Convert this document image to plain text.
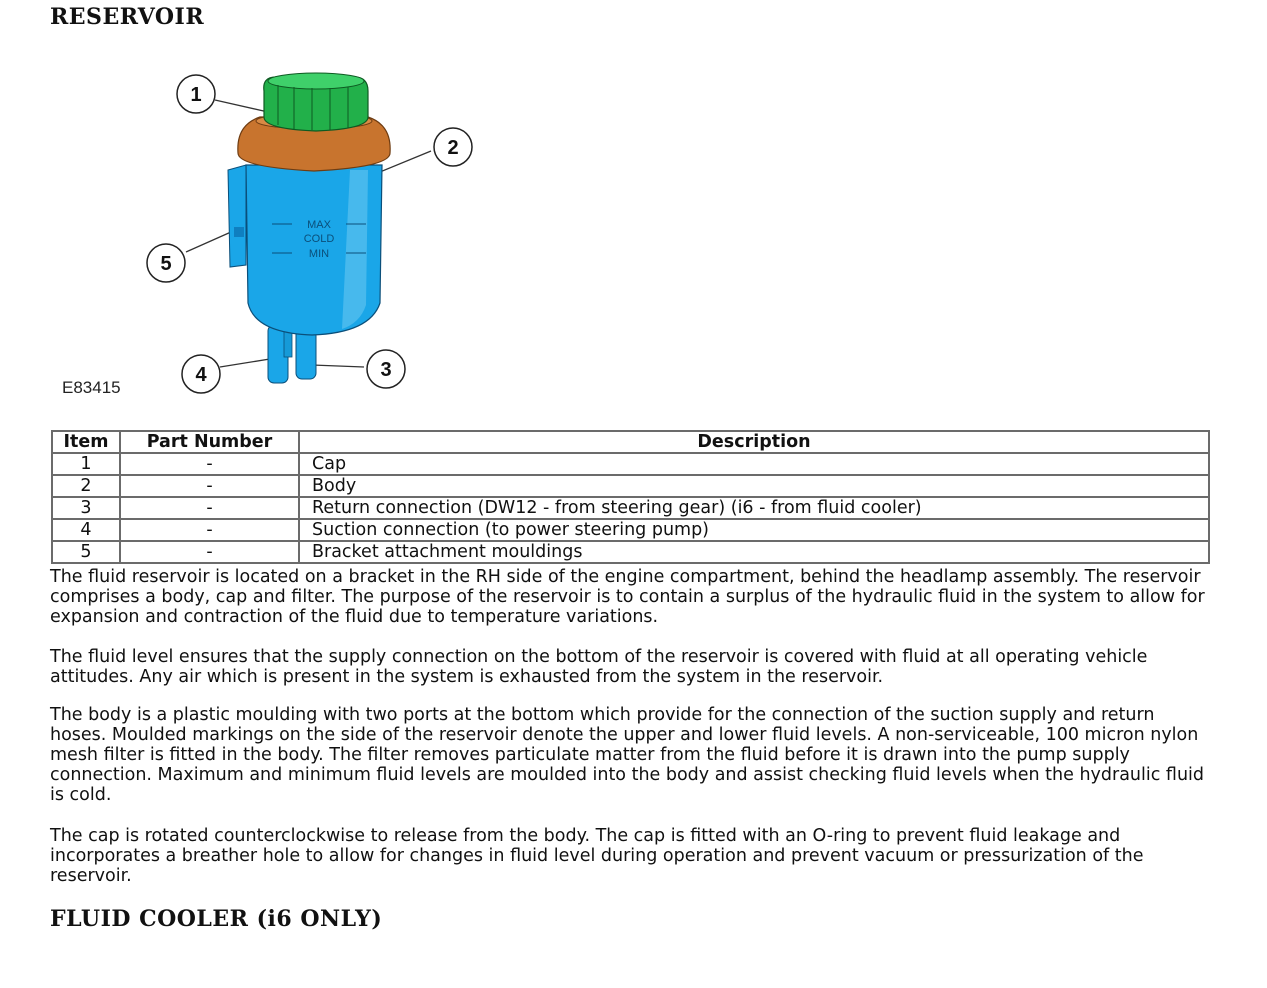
RESERVOIR
MAX
COLD
MIN
1
2
3
4
5
E83415
Item	Part Number	Description
1	-	Cap
2	-	Body
3	-	Return connection (DW12 - from steering gear) (i6 - from fluid cooler)
4	-	Suction connection (to power steering pump)
5	-	Bracket attachment mouldings

The fluid reservoir is located on a bracket in the RH side of the engine compartment, behind the headlamp assembly. The reservoir comprises a body, cap and filter. The purpose of the reservoir is to contain a surplus of the hydraulic fluid in the system to allow for expansion and contraction of the fluid due to temperature variations.

The fluid level ensures that the supply connection on the bottom of the reservoir is covered with fluid at all operating vehicle attitudes. Any air which is present in the system is exhausted from the system in the reservoir.

The body is a plastic moulding with two ports at the bottom which provide for the connection of the suction supply and return hoses. Moulded markings on the side of the reservoir denote the upper and lower fluid levels. A non-serviceable, 100 micron nylon mesh filter is fitted in the body. The filter removes particulate matter from the fluid before it is drawn into the pump supply connection. Maximum and minimum fluid levels are moulded into the body and assist checking fluid levels when the hydraulic fluid is cold.

The cap is rotated counterclockwise to release from the body. The cap is fitted with an O-ring to prevent fluid leakage and incorporates a breather hole to allow for changes in fluid level during operation and prevent vacuum or pressurization of the reservoir.

FLUID COOLER (i6 ONLY)
